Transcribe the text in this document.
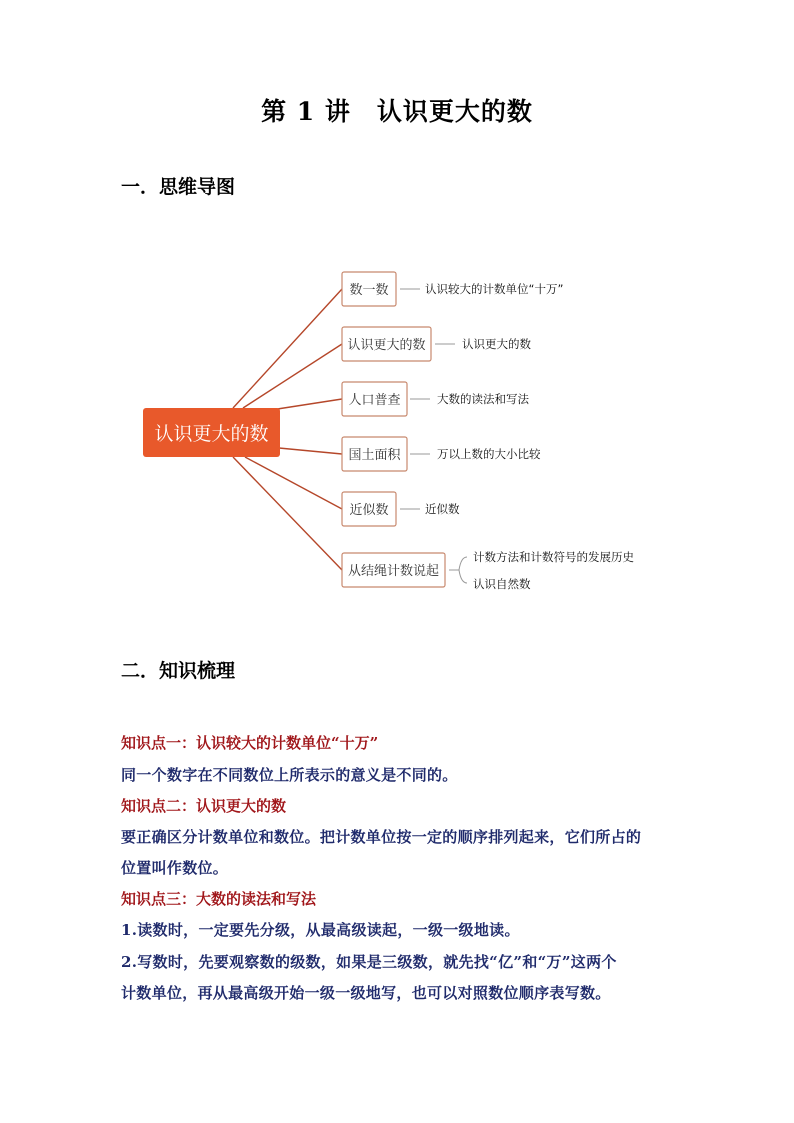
第 1 讲 认识更大的数
一．思维导图
认识更大的数
数一数	认识较大的计数单位“十万”
认识更大的数	认识更大的数
人口普查	大数的读法和写法
国土面积	万以上数的大小比较
近似数	近似数
从结绳计数说起
计数方法和计数符号的发展历史
认识自然数
二．知识梳理
知识点一：认识较大的计数单位“十万”
同一个数字在不同数位上所表示的意义是不同的。
知识点二：认识更大的数
要正确区分计数单位和数位。把计数单位按一定的顺序排列起来，它们所占的
位置叫作数位。
知识点三：大数的读法和写法
1.读数时，一定要先分级，从最高级读起，一级一级地读。
2.写数时，先要观察数的级数，如果是三级数，就先找“亿”和“万”这两个
计数单位，再从最高级开始一级一级地写，也可以对照数位顺序表写数。
